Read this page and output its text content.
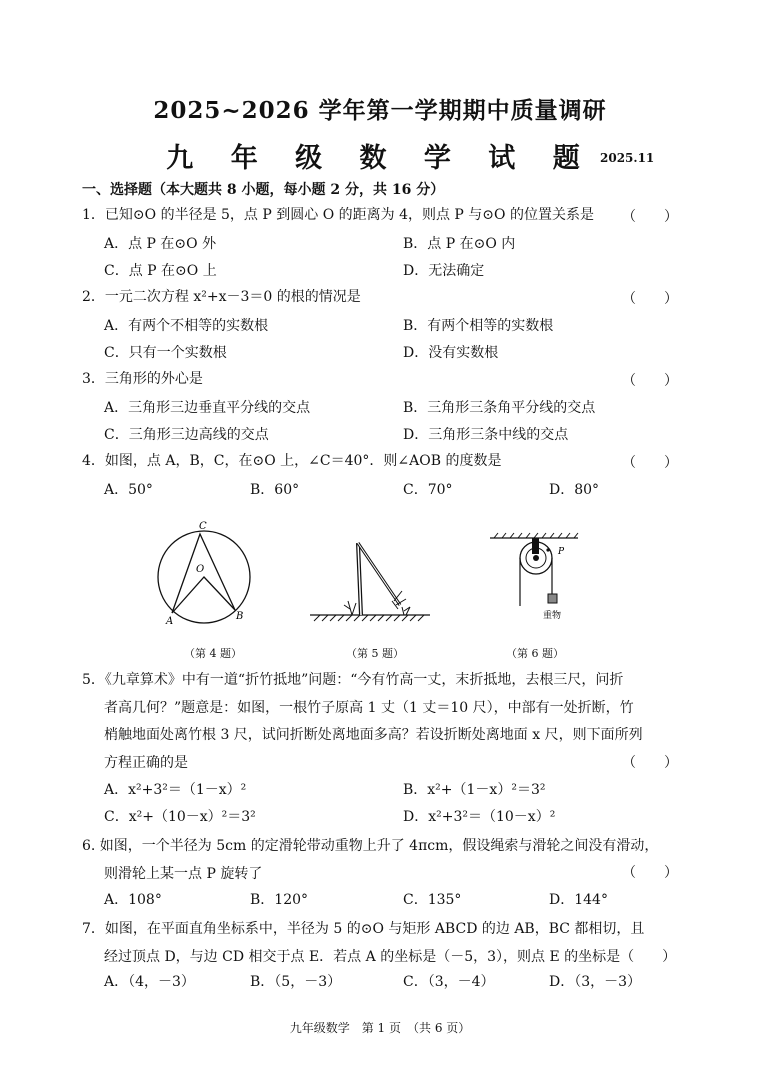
2025~2026 学年第一学期期中质量调研
九 年 级 数 学 试 题 2025.11
一、选择题（本大题共 8 小题，每小题 2 分，共 16 分）
1．已知⊙O 的半径是 5，点 P 到圆心 O 的距离为 4，则点 P 与⊙O 的位置关系是	（　　）
A．点 P 在⊙O 外	B．点 P 在⊙O 内
C．点 P 在⊙O 上	D．无法确定
2．一元二次方程 x²+x－3＝0 的根的情况是	（　　）
A．有两个不相等的实数根	B．有两个相等的实数根
C．只有一个实数根	D．没有实数根
3．三角形的外心是	（　　）
A．三角形三边垂直平分线的交点	B．三角形三条角平分线的交点
C．三角形三边高线的交点	D．三角形三条中线的交点
4．如图，点 A，B，C，在⊙O 上，∠C＝40°．则∠AOB 的度数是	（　　）
A．50°	B．60°	C．70°	D．80°
C
O
A	B
（第 4 题）	（第 5 题）
P
重物
（第 6 题）
5．《九章算术》中有一道“折竹抵地”问题：“今有竹高一丈，末折抵地，去根三尺，问折
者高几何？”题意是：如图，一根竹子原高 1 丈（1 丈＝10 尺），中部有一处折断，竹
梢触地面处离竹根 3 尺，试问折断处离地面多高？若设折断处离地面 x 尺，则下面所列
方程正确的是	（　　）
A．x²+3²＝（1－x）²	B．x²+（1－x）²＝3²
C．x²+（10－x）²＝3²	D．x²+3²＝（10－x）²
6. 如图，一个半径为 5cm 的定滑轮带动重物上升了 4πcm，假设绳索与滑轮之间没有滑动，
则滑轮上某一点 P 旋转了	（　　）
A．108°	B．120°	C．135°	D．144°
7．如图，在平面直角坐标系中，半径为 5 的⊙O 与矩形 ABCD 的边 AB，BC 都相切，且
经过顶点 D，与边 CD 相交于点 E．若点 A 的坐标是（－5，3），则点 E 的坐标是（　　）
A．（4，－3）	B．（5，－3）	C．（3，－4）	D．（3，－3）
九年级数学　第 1 页　（共 6 页）
